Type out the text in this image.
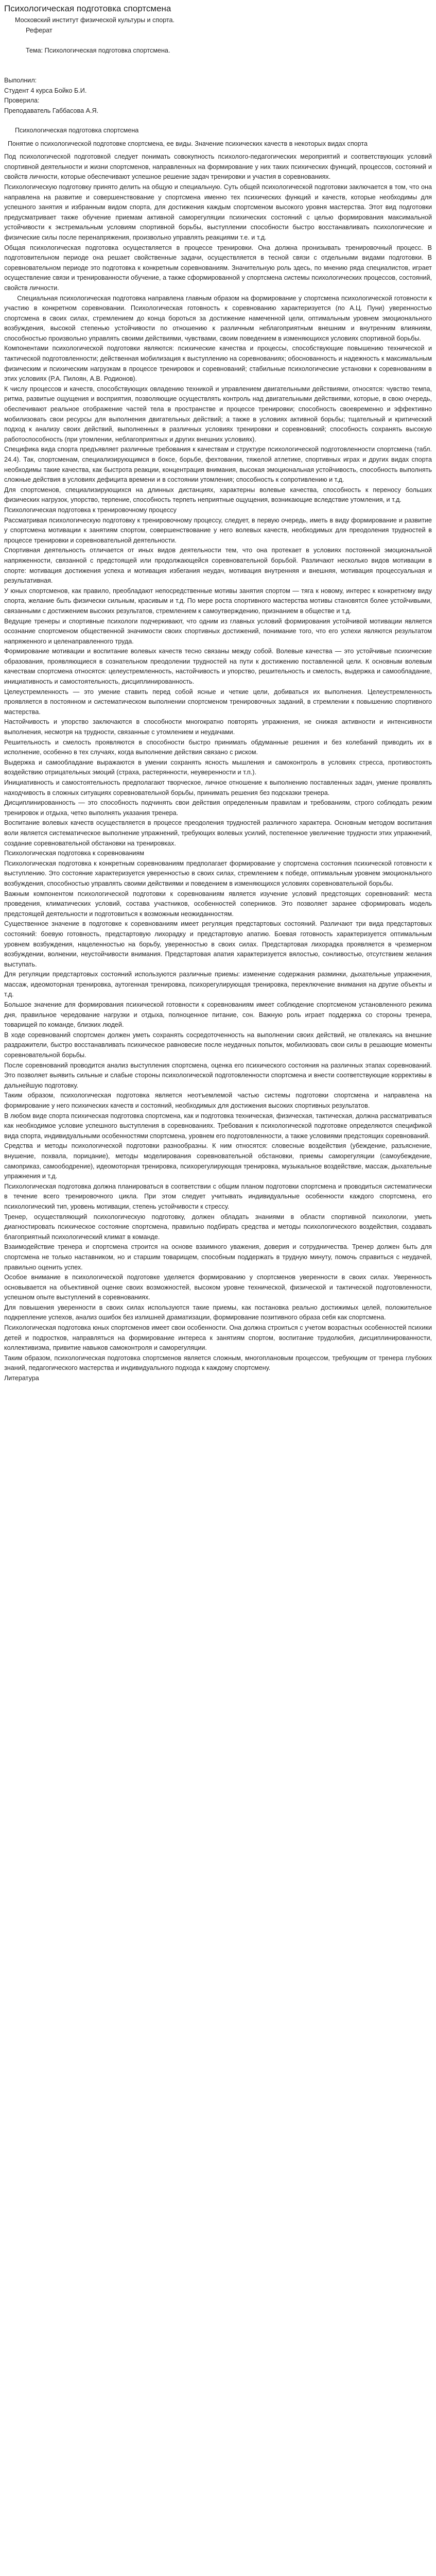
Психологическая подготовка спортсмена

Московский институт физической культуры и спорта.

Реферат

Тема: Психологическая подготовка спортсмена.

Выполнил:

Студент 4 курса Бойко Б.И.

Проверила:

Преподаватель Габбасова А.Я.

Психологическая подготовка спортсмена

Понятие о психологической подготовке спортсмена, ее виды. Значение психических качеств в некоторых видах спорта

Под психологической подготовкой следует понимать совокупность психолого-педагогических мероприятий и соответствующих условий спортивной деятельности и жизни спортсменов, направленных на формирование у них таких психических функций, процессов, состояний и свойств личности, которые обеспечивают успешное решение задач тренировки и участия в соревнованиях.

Психологическую подготовку принято делить на общую и специальную. Суть общей психологической подготовки заключается в том, что она направлена на развитие и совершенствование у спортсмена именно тех психических функций и качеств, которые необходимы для успешного занятия и избранным видом спорта, для достижения каждым спортсменом высокого уровня мастерства. Этот вид подготовки предусматривает также обучение приемам активной саморегуляции психических состояний с целью формирования максимальной устойчивости к экстремальным условиям спортивной борьбы, выступлении способности быстро восстанавливать психологические и физические силы после перенапряжения, произвольно управлять реакциями т.е. и т.д.

Общая психологическая подготовка осуществляется в процессе тренировки. Она должна пронизывать тренировочный процесс. В подготовительном периоде она решает свойственные задачи, осуществляется в тесной связи с отдельными видами подготовки. В соревновательном периоде это подготовка к конкретным соревнованиям. Значительную роль здесь, по мнению ряда специалистов, играет осуществление связи и тренированности обучение, а также сформированной у спортсмена системы психологических процессов, состояний, свойств личности.

Специальная психологическая подготовка направлена главным образом на формирование у спортсмена психологической готовности к участию в конкретном соревновании. Психологическая готовность к соревнованию характеризуется (по А.Ц. Пуни) уверенностью спортсмена в своих силах, стремлением до конца бороться за достижение намеченной цели, оптимальным уровнем эмоционального возбуждения, высокой степенью устойчивости по отношению к различным неблагоприятным внешним и внутренним влияниям, способностью произвольно управлять своими действиями, чувствами, своим поведением в изменяющихся условиях спортивной борьбы.

Компонентами психологической подготовки являются: психические качества и процессы, способствующие повышению технической и тактической подготовленности; действенная мобилизация к выступлению на соревнованиях; обоснованность и надежность к максимальным физическим и психическим нагрузкам в процессе тренировок и соревнований; стабильные психологические установки к соревнованиям в этих условиях (Р.А. Пилоян, А.В. Родионов).

К числу процессов и качеств, способствующих овладению техникой и управлением двигательными действиями, относятся: чувство темпа, ритма, развитые ощущения и восприятия, позволяющие осуществлять контроль над двигательными действиями, которые, в свою очередь, обеспечивают реальное отображение частей тела в пространстве и процессе тренировки; способность своевременно и эффективно мобилизовать свои ресурсы для выполнения двигательных действий; а также в условиях активной борьбы; тщательный и критический подход к анализу своих действий, выполненных в различных условиях тренировки и соревнований; способность сохранять высокую работоспособность (при утомлении, неблагоприятных и других внешних условиях).

Специфика вида спорта предъявляет различные требования к качествам и структуре психологической подготовленности спортсмена (табл. 24.4). Так, спортсменам, специализирующимся в боксе, борьбе, фехтовании, тяжелой атлетике, спортивных играх и других видах спорта необходимы такие качества, как быстрота реакции, концентрация внимания, высокая эмоциональная устойчивость, способность выполнять сложные действия в условиях дефицита времени и в состоянии утомления; способность к сопротивлению и т.д.

Для спортсменов, специализирующихся на длинных дистанциях, характерны волевые качества, способность к переносу больших физических нагрузок, упорство, терпение, способность терпеть неприятные ощущения, возникающие вследствие утомления, и т.д.

Психологическая подготовка к тренировочному процессу

Рассматривая психологическую подготовку к тренировочному процессу, следует, в первую очередь, иметь в виду формирование и развитие у спортсмена мотивации к занятиям спортом, совершенствование у него волевых качеств, необходимых для преодоления трудностей в процессе тренировки и соревновательной деятельности.

Спортивная деятельность отличается от иных видов деятельности тем, что она протекает в условиях постоянной эмоциональной напряженности, связанной с предстоящей или продолжающейся соревновательной борьбой. Различают несколько видов мотивации в спорте: мотивация достижения успеха и мотивация избегания неудач, мотивация внутренняя и внешняя, мотивация процессуальная и результативная.

У юных спортсменов, как правило, преобладают непосредственные мотивы занятия спортом — тяга к новому, интерес к конкретному виду спорта, желание быть физически сильным, красивым и т.д. По мере роста спортивного мастерства мотивы становятся более устойчивыми, связанными с достижением высоких результатов, стремлением к самоутверждению, признанием в обществе и т.д.

Ведущие тренеры и спортивные психологи подчеркивают, что одним из главных условий формирования устойчивой мотивации является осознание спортсменом общественной значимости своих спортивных достижений, понимание того, что его успехи являются результатом напряженного и целенаправленного труда.

Формирование мотивации и воспитание волевых качеств тесно связаны между собой. Волевые качества — это устойчивые психические образования, проявляющиеся в сознательном преодолении трудностей на пути к достижению поставленной цели. К основным волевым качествам спортсмена относятся: целеустремленность, настойчивость и упорство, решительность и смелость, выдержка и самообладание, инициативность и самостоятельность, дисциплинированность.

Целеустремленность — это умение ставить перед собой ясные и четкие цели, добиваться их выполнения. Целеустремленность проявляется в постоянном и систематическом выполнении спортсменом тренировочных заданий, в стремлении к повышению спортивного мастерства.

Настойчивость и упорство заключаются в способности многократно повторять упражнения, не снижая активности и интенсивности выполнения, несмотря на трудности, связанные с утомлением и неудачами.

Решительность и смелость проявляются в способности быстро принимать обдуманные решения и без колебаний приводить их в исполнение, особенно в тех случаях, когда выполнение действия связано с риском.

Выдержка и самообладание выражаются в умении сохранять ясность мышления и самоконтроль в условиях стресса, противостоять воздействию отрицательных эмоций (страха, растерянности, неуверенности и т.п.).

Инициативность и самостоятельность предполагают творческое, личное отношение к выполнению поставленных задач, умение проявлять находчивость в сложных ситуациях соревновательной борьбы, принимать решения без подсказки тренера.

Дисциплинированность — это способность подчинять свои действия определенным правилам и требованиям, строго соблюдать режим тренировок и отдыха, четко выполнять указания тренера.

Воспитание волевых качеств осуществляется в процессе преодоления трудностей различного характера. Основным методом воспитания воли является систематическое выполнение упражнений, требующих волевых усилий, постепенное увеличение трудности этих упражнений, создание соревновательной обстановки на тренировках.

Психологическая подготовка к соревнованиям

Психологическая подготовка к конкретным соревнованиям предполагает формирование у спортсмена состояния психической готовности к выступлению. Это состояние характеризуется уверенностью в своих силах, стремлением к победе, оптимальным уровнем эмоционального возбуждения, способностью управлять своими действиями и поведением в изменяющихся условиях соревновательной борьбы.

Важным компонентом психологической подготовки к соревнованиям является изучение условий предстоящих соревнований: места проведения, климатических условий, состава участников, особенностей соперников. Это позволяет заранее сформировать модель предстоящей деятельности и подготовиться к возможным неожиданностям.

Существенное значение в подготовке к соревнованиям имеет регуляция предстартовых состояний. Различают три вида предстартовых состояний: боевую готовность, предстартовую лихорадку и предстартовую апатию. Боевая готовность характеризуется оптимальным уровнем возбуждения, нацеленностью на борьбу, уверенностью в своих силах. Предстартовая лихорадка проявляется в чрезмерном возбуждении, волнении, неустойчивости внимания. Предстартовая апатия характеризуется вялостью, сонливостью, отсутствием желания выступать.

Для регуляции предстартовых состояний используются различные приемы: изменение содержания разминки, дыхательные упражнения, массаж, идеомоторная тренировка, аутогенная тренировка, психорегулирующая тренировка, переключение внимания на другие объекты и т.д.

Большое значение для формирования психической готовности к соревнованиям имеет соблюдение спортсменом установленного режима дня, правильное чередование нагрузки и отдыха, полноценное питание, сон. Важную роль играет поддержка со стороны тренера, товарищей по команде, близких людей.

В ходе соревнований спортсмен должен уметь сохранять сосредоточенность на выполнении своих действий, не отвлекаясь на внешние раздражители, быстро восстанавливать психическое равновесие после неудачных попыток, мобилизовать свои силы в решающие моменты соревновательной борьбы.

После соревнований проводится анализ выступления спортсмена, оценка его психического состояния на различных этапах соревнований. Это позволяет выявить сильные и слабые стороны психологической подготовленности спортсмена и внести соответствующие коррективы в дальнейшую подготовку.

Таким образом, психологическая подготовка является неотъемлемой частью системы подготовки спортсмена и направлена на формирование у него психических качеств и состояний, необходимых для достижения высоких спортивных результатов.

В любом виде спорта психическая подготовка спортсмена, как и подготовка техническая, физическая, тактическая, должна рассматриваться как необходимое условие успешного выступления в соревнованиях. Требования к психологической подготовке определяются спецификой вида спорта, индивидуальными особенностями спортсмена, уровнем его подготовленности, а также условиями предстоящих соревнований.

Средства и методы психологической подготовки разнообразны. К ним относятся: словесные воздействия (убеждение, разъяснение, внушение, похвала, порицание), методы моделирования соревновательной обстановки, приемы саморегуляции (самоубеждение, самоприказ, самоободрение), идеомоторная тренировка, психорегулирующая тренировка, музыкальное воздействие, массаж, дыхательные упражнения и т.д.

Психологическая подготовка должна планироваться в соответствии с общим планом подготовки спортсмена и проводиться систематически в течение всего тренировочного цикла. При этом следует учитывать индивидуальные особенности каждого спортсмена, его психологический тип, уровень мотивации, степень устойчивости к стрессу.

Тренер, осуществляющий психологическую подготовку, должен обладать знаниями в области спортивной психологии, уметь диагностировать психическое состояние спортсмена, правильно подбирать средства и методы психологического воздействия, создавать благоприятный психологический климат в команде.

Взаимодействие тренера и спортсмена строится на основе взаимного уважения, доверия и сотрудничества. Тренер должен быть для спортсмена не только наставником, но и старшим товарищем, способным поддержать в трудную минуту, помочь справиться с неудачей, правильно оценить успех.

Особое внимание в психологической подготовке уделяется формированию у спортсменов уверенности в своих силах. Уверенность основывается на объективной оценке своих возможностей, высоком уровне технической, физической и тактической подготовленности, успешном опыте выступлений в соревнованиях.

Для повышения уверенности в своих силах используются такие приемы, как постановка реально достижимых целей, положительное подкрепление успехов, анализ ошибок без излишней драматизации, формирование позитивного образа себя как спортсмена.

Психологическая подготовка юных спортсменов имеет свои особенности. Она должна строиться с учетом возрастных особенностей психики детей и подростков, направляться на формирование интереса к занятиям спортом, воспитание трудолюбия, дисциплинированности, коллективизма, привитие навыков самоконтроля и саморегуляции.

Таким образом, психологическая подготовка спортсменов является сложным, многоплановым процессом, требующим от тренера глубоких знаний, педагогического мастерства и индивидуального подхода к каждому спортсмену.

Литература
